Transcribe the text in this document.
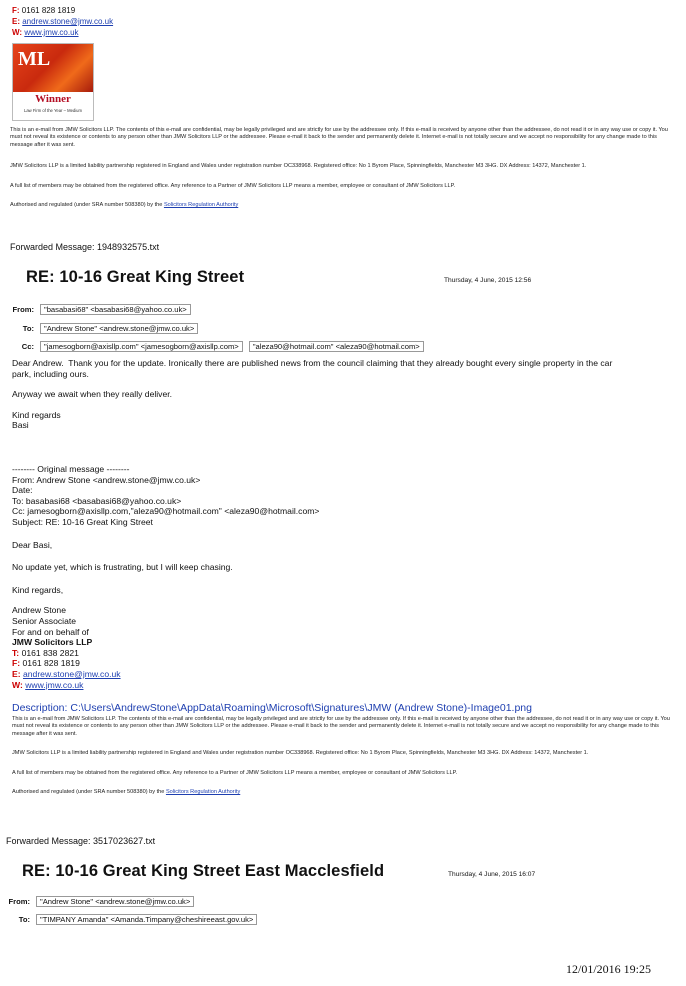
F: 0161 828 1819
E: andrew.stone@jmw.co.uk
W: www.jmw.co.uk
ML
Winner
Law Firm of the Year – Medium
This is an e-mail from JMW Solicitors LLP. The contents of this e-mail are confidential, may be legally privileged and are strictly for use by the addressee only. If this e-mail is received by anyone other than the addressee, do not read it or in any way use or copy it. You must not reveal its existence or contents to any person other than JMW Solicitors LLP or the addressee. Please e-mail it back to the sender and permanently delete it. Internet e-mail is not totally secure and we accept no responsibility for any change made to this message after it was sent.
JMW Solicitors LLP is a limited liability partnership registered in England and Wales under registration number OC338968. Registered office: No 1 Byrom Place, Spinningfields, Manchester M3 3HG. DX Address: 14372, Manchester 1.
A full list of members may be obtained from the registered office. Any reference to a Partner of JMW Solicitors LLP means a member, employee or consultant of JMW Solicitors LLP.
Authorised and regulated (under SRA number 508380) by the Solicitors Regulation Authority
Forwarded Message: 1948932575.txt
RE: 10-16 Great King Street	Thursday, 4 June, 2015 12:56
From: "basabasi68" <basabasi68@yahoo.co.uk>
To: "Andrew Stone" <andrew.stone@jmw.co.uk>
Cc: "jamesogborn@axisllp.com" <jamesogborn@axisllp.com> "aleza90@hotmail.com" <aleza90@hotmail.com>
Dear Andrew. Thank you for the update. Ironically there are published news from the council claiming that they already bought every single property in the car park, including ours.
Anyway we await when they really deliver.
Kind regards
Basi
-------- Original message --------
From: Andrew Stone <andrew.stone@jmw.co.uk>
Date:
To: basabasi68 <basabasi68@yahoo.co.uk>
Cc: jamesogborn@axisllp.com,"aleza90@hotmail.com" <aleza90@hotmail.com>
Subject: RE: 10-16 Great King Street
Dear Basi,
No update yet, which is frustrating, but I will keep chasing.
Kind regards,
Andrew Stone
Senior Associate
For and on behalf of
JMW Solicitors LLP
T: 0161 838 2821
F: 0161 828 1819
E: andrew.stone@jmw.co.uk
W: www.jmw.co.uk
Description: C:\Users\AndrewStone\AppData\Roaming\Microsoft\Signatures\JMW (Andrew Stone)-Image01.png
This is an e-mail from JMW Solicitors LLP. The contents of this e-mail are confidential, may be legally privileged and are strictly for use by the addressee only. If this e-mail is received by anyone other than the addressee, do not read it or in any way use or copy it. You must not reveal its existence or contents to any person other than JMW Solicitors LLP or the addressee. Please e-mail it back to the sender and permanently delete it. Internet e-mail is not totally secure and we accept no responsibility for any change made to this message after it was sent.
JMW Solicitors LLP is a limited liability partnership registered in England and Wales under registration number OC338968. Registered office: No 1 Byrom Place, Spinningfields, Manchester M3 3HG. DX Address: 14372, Manchester 1.
A full list of members may be obtained from the registered office. Any reference to a Partner of JMW Solicitors LLP means a member, employee or consultant of JMW Solicitors LLP.
Authorised and regulated (under SRA number 508380) by the Solicitors Regulation Authority
Forwarded Message: 3517023627.txt
RE: 10-16 Great King Street East Macclesfield	Thursday, 4 June, 2015 16:07
From: "Andrew Stone" <andrew.stone@jmw.co.uk>
To: "TIMPANY Amanda" <Amanda.Timpany@cheshireeast.gov.uk>
12/01/2016 19:25
